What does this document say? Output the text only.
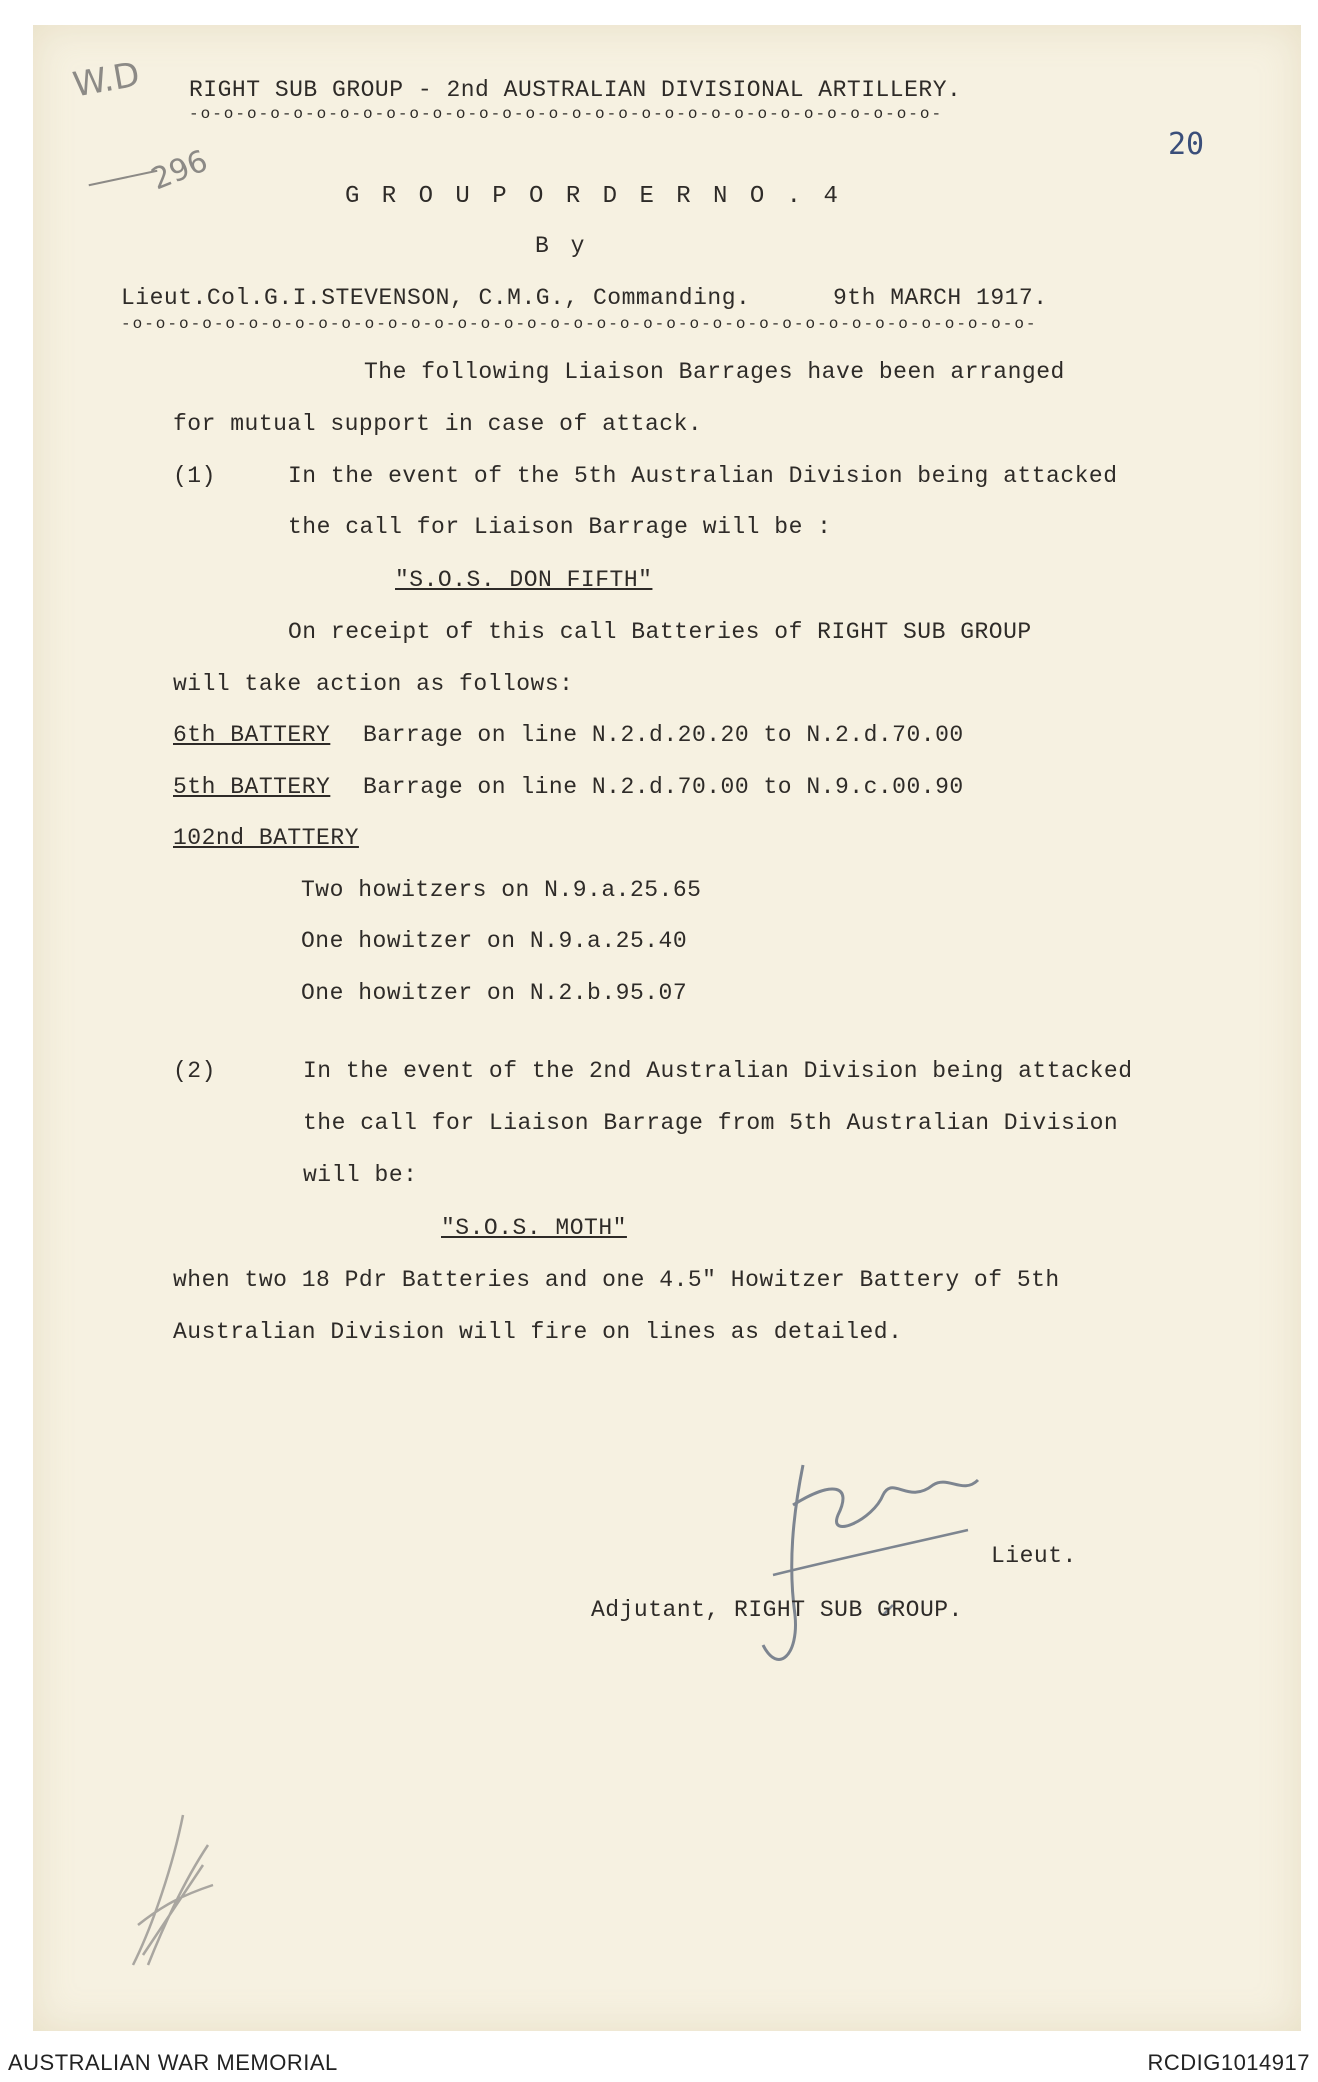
W.D
296	20
RIGHT SUB GROUP - 2nd AUSTRALIAN DIVISIONAL ARTILLERY.
-o-o-o-o-o-o-o-o-o-o-o-o-o-o-o-o-o-o-o-o-o-o-o-o-o-o-o-o-o-o-o-o-
G R O U P O R D E R N O . 4
B y
Lieut.Col.G.I.STEVENSON, C.M.G., Commanding.	9th MARCH 1917.
-o-o-o-o-o-o-o-o-o-o-o-o-o-o-o-o-o-o-o-o-o-o-o-o-o-o-o-o-o-o-o-o-o-o-o-o-o-o-o-
The following Liaison Barrages have been arranged
for mutual support in case of attack.
(1)	In the event of the 5th Australian Division being attacked
the call for Liaison Barrage will be :
"S.O.S. DON FIFTH"
On receipt of this call Batteries of RIGHT SUB GROUP
will take action as follows:
6th BATTERY Barrage on line N.2.d.20.20 to N.2.d.70.00
5th BATTERY Barrage on line N.2.d.70.00 to N.9.c.00.90
102nd BATTERY
Two howitzers on N.9.a.25.65
One howitzer on N.9.a.25.40
One howitzer on N.2.b.95.07
(2)	In the event of the 2nd Australian Division being attacked
the call for Liaison Barrage from 5th Australian Division
will be:
"S.O.S. MOTH"
when two 18 Pdr Batteries and one 4.5" Howitzer Battery of 5th
Australian Division will fire on lines as detailed.
Lieut.
Adjutant, RIGHT SUB GROUP.
AUSTRALIAN WAR MEMORIAL	RCDIG1014917
